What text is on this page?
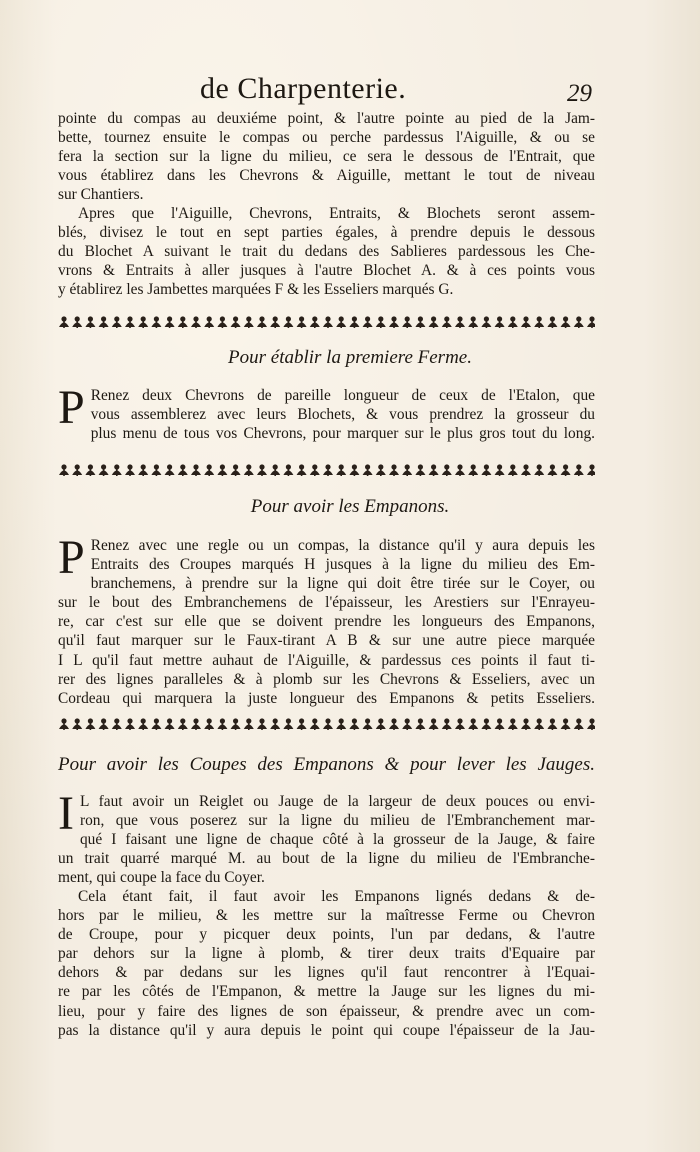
de Charpenterie.	29
pointe du compas au deuxiéme point, & l'autre pointe au pied de la Jam-
bette, tournez ensuite le compas ou perche pardessus l'Aiguille, & ou se
fera la section sur la ligne du milieu, ce sera le dessous de l'Entrait, que
vous établirez dans les Chevrons & Aiguille, mettant le tout de niveau
sur Chantiers.
Apres que l'Aiguille, Chevrons, Entraits, & Blochets seront assem-
blés, divisez le tout en sept parties égales, à prendre depuis le dessous
du Blochet A suivant le trait du dedans des Sablieres pardessous les Che-
vrons & Entraits à aller jusques à l'autre Blochet A. & à ces points vous
y établirez les Jambettes marquées F & les Esseliers marqués G.
Pour établir la premiere Ferme.
P Renez deux Chevrons de pareille longueur de ceux de l'Etalon, que
vous assemblerez avec leurs Blochets, & vous prendrez la grosseur du
plus menu de tous vos Chevrons, pour marquer sur le plus gros tout du long.
Pour avoir les Empanons.
P Renez avec une regle ou un compas, la distance qu'il y aura depuis les
Entraits des Croupes marqués H jusques à la ligne du milieu des Em-
branchemens, à prendre sur la ligne qui doit être tirée sur le Coyer, ou
sur le bout des Embranchemens de l'épaisseur, les Arestiers sur l'Enrayeu-
re, car c'est sur elle que se doivent prendre les longueurs des Empanons,
qu'il faut marquer sur le Faux-tirant A B & sur une autre piece marquée
I L qu'il faut mettre auhaut de l'Aiguille, & pardessus ces points il faut ti-
rer des lignes paralleles & à plomb sur les Chevrons & Esseliers, avec un
Cordeau qui marquera la juste longueur des Empanons & petits Esseliers.
Pour avoir les Coupes des Empanons & pour lever les Jauges.
I L faut avoir un Reiglet ou Jauge de la largeur de deux pouces ou envi-
ron, que vous poserez sur la ligne du milieu de l'Embranchement mar-
qué I faisant une ligne de chaque côté à la grosseur de la Jauge, & faire
un trait quarré marqué M. au bout de la ligne du milieu de l'Embranche-
ment, qui coupe la face du Coyer.
Cela étant fait, il faut avoir les Empanons lignés dedans & de-
hors par le milieu, & les mettre sur la maîtresse Ferme ou Chevron
de Croupe, pour y picquer deux points, l'un par dedans, & l'autre
par dehors sur la ligne à plomb, & tirer deux traits d'Equaire par
dehors & par dedans sur les lignes qu'il faut rencontrer à l'Equai-
re par les côtés de l'Empanon, & mettre la Jauge sur les lignes du mi-
lieu, pour y faire des lignes de son épaisseur, & prendre avec un com-
pas la distance qu'il y aura depuis le point qui coupe l'épaisseur de la Jau-
